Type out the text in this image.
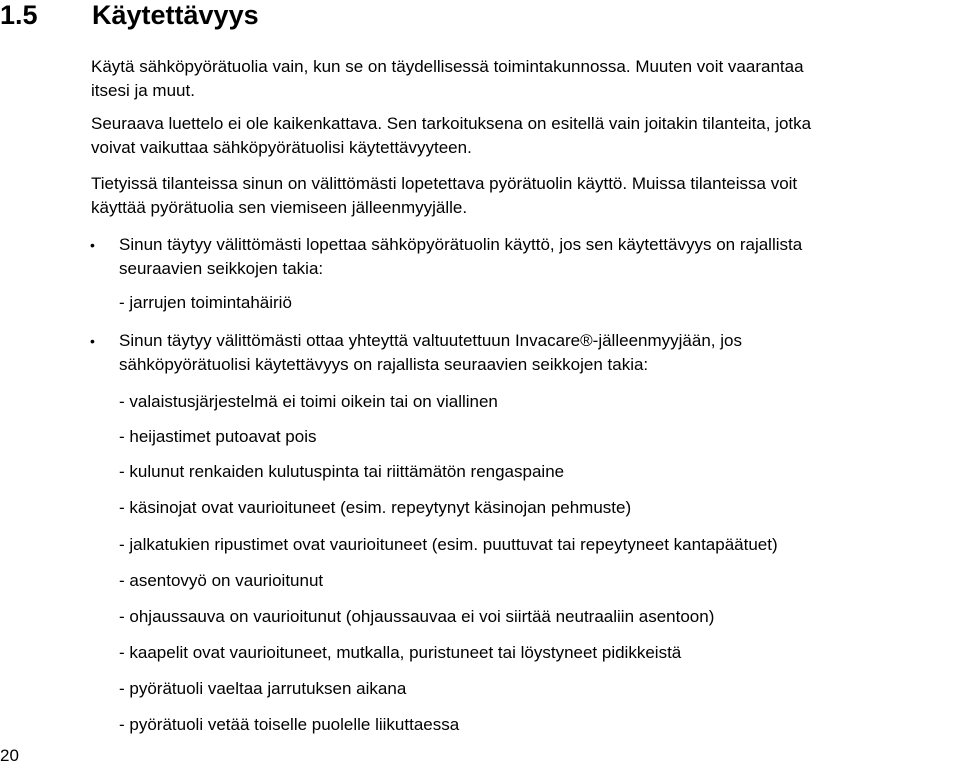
1.5 Käytettävyys
Käytä sähköpyörätuolia vain, kun se on täydellisessä toimintakunnossa. Muuten voit vaarantaa
itsesi ja muut.
Seuraava luettelo ei ole kaikenkattava. Sen tarkoituksena on esitellä vain joitakin tilanteita, jotka
voivat vaikuttaa sähköpyörätuolisi käytettävyyteen.
Tietyissä tilanteissa sinun on välittömästi lopetettava pyörätuolin käyttö. Muissa tilanteissa voit
käyttää pyörätuolia sen viemiseen jälleenmyyjälle.
• Sinun täytyy välittömästi lopettaa sähköpyörätuolin käyttö, jos sen käytettävyys on rajallista
seuraavien seikkojen takia:
- jarrujen toimintahäiriö
• Sinun täytyy välittömästi ottaa yhteyttä valtuutettuun Invacare®-jälleenmyyjään, jos
sähköpyörätuolisi käytettävyys on rajallista seuraavien seikkojen takia:
- valaistusjärjestelmä ei toimi oikein tai on viallinen
- heijastimet putoavat pois
- kulunut renkaiden kulutuspinta tai riittämätön rengaspaine
- käsinojat ovat vaurioituneet (esim. repeytynyt käsinojan pehmuste)
- jalkatukien ripustimet ovat vaurioituneet (esim. puuttuvat tai repeytyneet kantapäätuet)
- asentovyö on vaurioitunut
- ohjaussauva on vaurioitunut (ohjaussauvaa ei voi siirtää neutraaliin asentoon)
- kaapelit ovat vaurioituneet, mutkalla, puristuneet tai löystyneet pidikkeistä
- pyörätuoli vaeltaa jarrutuksen aikana
- pyörätuoli vetää toiselle puolelle liikuttaessa
20
